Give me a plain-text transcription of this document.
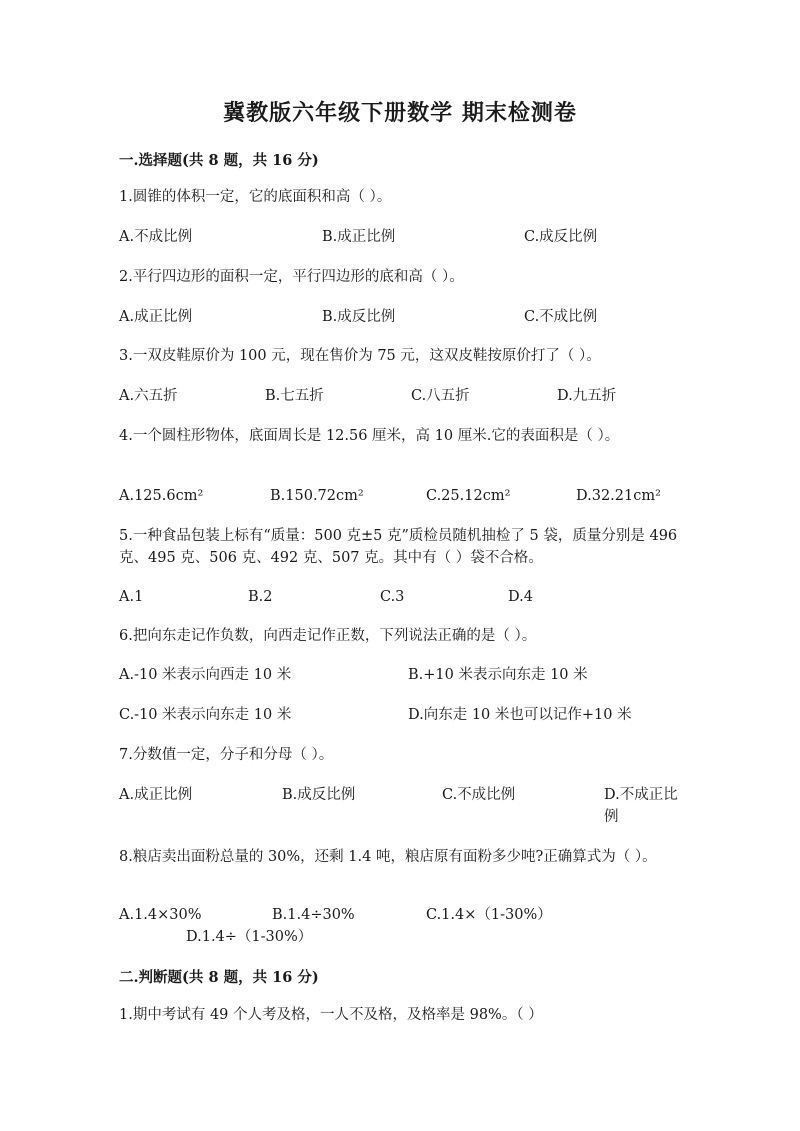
冀教版六年级下册数学 期末检测卷
一.选择题(共 8 题，共 16 分)
1.圆锥的体积一定，它的底面积和高（ ）。
A.不成比例	B.成正比例	C.成反比例
2.平行四边形的面积一定，平行四边形的底和高（ ）。
A.成正比例	B.成反比例	C.不成比例
3.一双皮鞋原价为 100 元，现在售价为 75 元，这双皮鞋按原价打了（ ）。
A.六五折	B.七五折	C.八五折	D.九五折
4.一个圆柱形物体，底面周长是 12.56 厘米，高 10 厘米.它的表面积是（ ）。
A.125.6cm²	B.150.72cm²	C.25.12cm²	D.32.21cm²
5.一种食品包装上标有“质量：500 克±5 克”质检员随机抽检了 5 袋，质量分别是 496 克、495 克、506 克、492 克、507 克。其中有（ ）袋不合格。
A.1	B.2	C.3	D.4
6.把向东走记作负数，向西走记作正数，下列说法正确的是（ ）。
A.-10 米表示向西走 10 米	B.+10 米表示向东走 10 米
C.-10 米表示向东走 10 米	D.向东走 10 米也可以记作+10 米
7.分数值一定，分子和分母（ ）。
A.成正比例	B.成反比例	C.不成比例	D.不成正比例
8.粮店卖出面粉总量的 30%，还剩 1.4 吨，粮店原有面粉多少吨?正确算式为（ ）。
A.1.4×30%	B.1.4÷30%	C.1.4×（1-30%）
D.1.4÷（1-30%）
二.判断题(共 8 题，共 16 分)
1.期中考试有 49 个人考及格，一人不及格，及格率是 98%。（ ）
